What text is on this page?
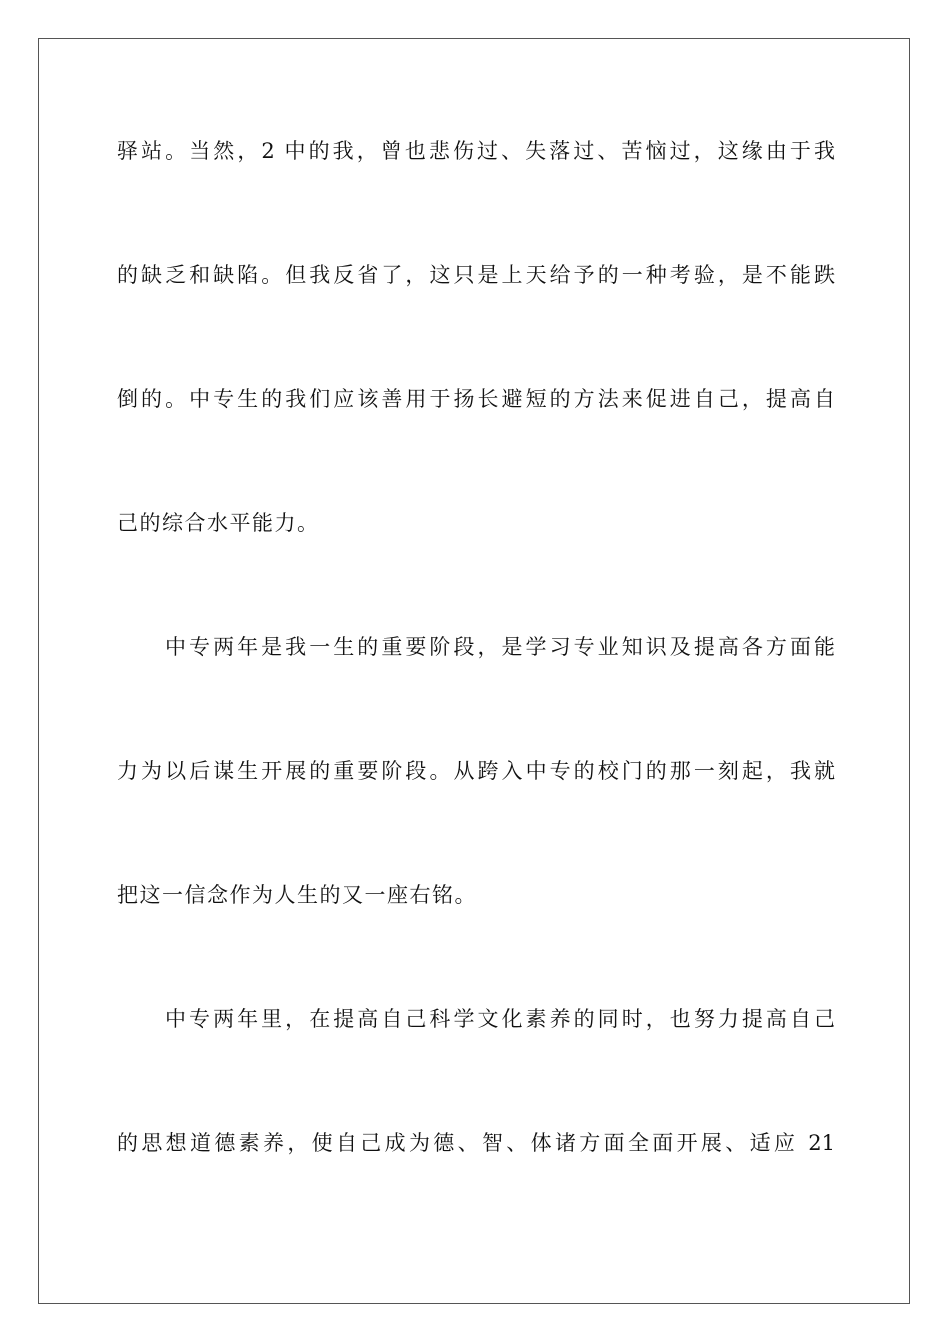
驿站。当然，2 中的我，曾也悲伤过、失落过、苦恼过，这缘由于我
的缺乏和缺陷。但我反省了，这只是上天给予的一种考验，是不能跌
倒的。中专生的我们应该善用于扬长避短的方法来促进自己，提高自
己的综合水平能力。
中专两年是我一生的重要阶段，是学习专业知识及提高各方面能
力为以后谋生开展的重要阶段。从跨入中专的校门的那一刻起，我就
把这一信念作为人生的又一座右铭。
中专两年里，在提高自己科学文化素养的同时，也努力提高自己
的思想道德素养，使自己成为德、智、体诸方面全面开展、适应 21
